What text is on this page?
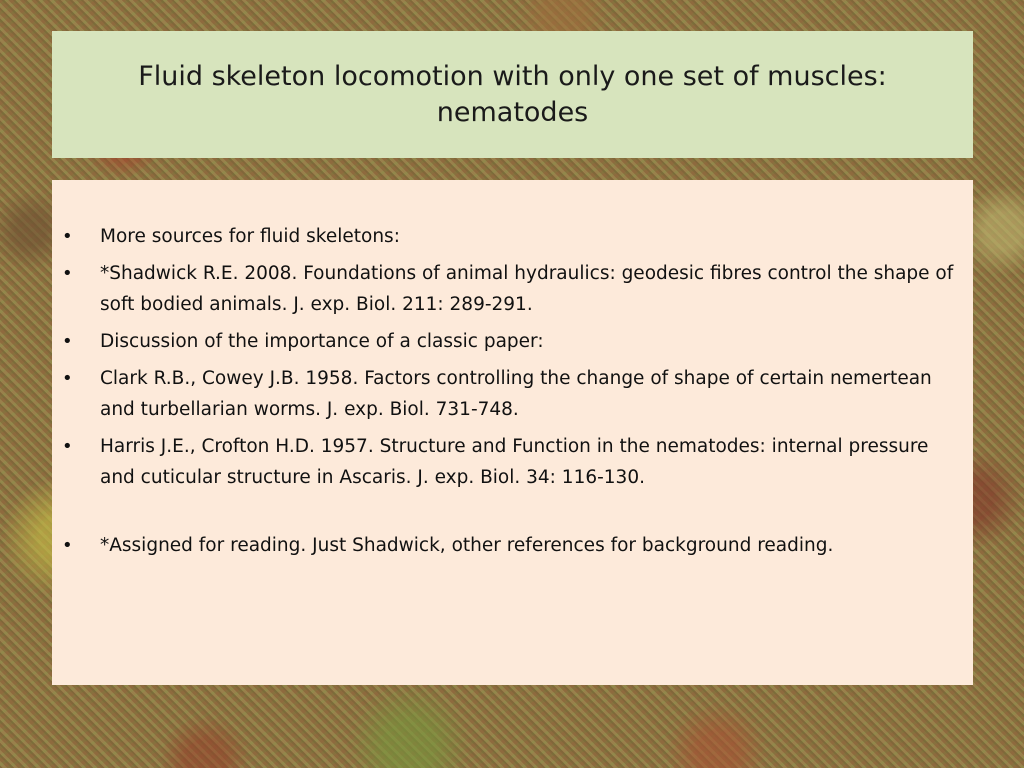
Fluid skeleton locomotion with only one set of muscles: nematodes
• More sources for fluid skeletons:
• *Shadwick R.E. 2008. Foundations of animal hydraulics: geodesic fibres control the shape of soft bodied animals. J. exp. Biol. 211: 289-291.
• Discussion of the importance of a classic paper:
• Clark R.B., Cowey J.B. 1958. Factors controlling the change of shape of certain nemertean and turbellarian worms. J. exp. Biol. 731-748.
• Harris J.E., Crofton H.D. 1957. Structure and Function in the nematodes: internal pressure and cuticular structure in Ascaris. J. exp. Biol. 34: 116-130.
• *Assigned for reading. Just Shadwick, other references for background reading.
